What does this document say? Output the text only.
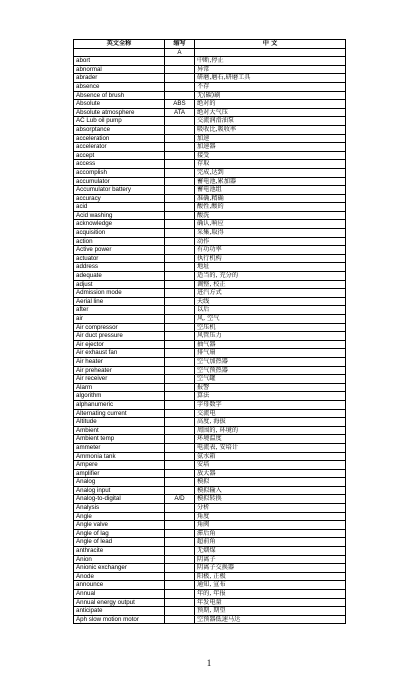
英文全称	缩写	中 文
	A	
abort		中断,停止
abnormal		异常
abrader		研磨,磨石,研磨工具
absence		不存
Absence of brush		无(碳)刷
Absolute	ABS	绝对的
Absolute atmosphere	ATA	绝对大气压
AC Lub oil pump		交流润滑油泵
absorptance		吸收比,吸收率
acceleration		加速
accelerator		加速器
accept		接受
access		存取
accomplish		完成,达到
accumulator		蓄电池,累加器
Accumulator battery		蓄电池组
accuracy		准确,精确
acid		酸性,酸的
Acid washing		酸洗
acknowledge		确认,响应
acquisition		采集,取得
action		动作
Active power		有功功率
actuator		执行机构
address		地址
adequate		适当的, 充分的
adjust		调整, 校正
Admission mode		进汽方式
Aerial line		天线
after		以后
air		风, 空气
Air compressor		空压机
Air duct pressure		风管压力
Air ejector		抽气器
Air exhaust fan		排气扇
Air heater		空气加热器
Air preheater		空气预热器
Air receiver		空气罐
Alarm		报警
algorithm		算法
alphanumeric		字母数字
Alternating current		交流电
Altitude		高度, 海拔
Ambient		周围的, 环境的
Ambient temp		环境温度
ammeter		电流表, 安培计
Ammonia tank		氨水箱
Ampere		安培
amplifier		放大器
Analog		模拟
Analog input		模拟输入
Analog-to-digital	A/D	模拟转换
Analysis		分析
Angle		角度
Angle valve		角阀
Angle of lag		滞后角
Angle of lead		超前角
anthracite		无烟煤
Anion		阴离子
Anionic exchanger		阴离子交换器
Anode		阳极, 正极
announce		通知, 宣布
Annual		年的, 年报
Annual energy output		年发电量
anticipate		预期, 期望
Aph slow motion motor		空预器低速马达
1
